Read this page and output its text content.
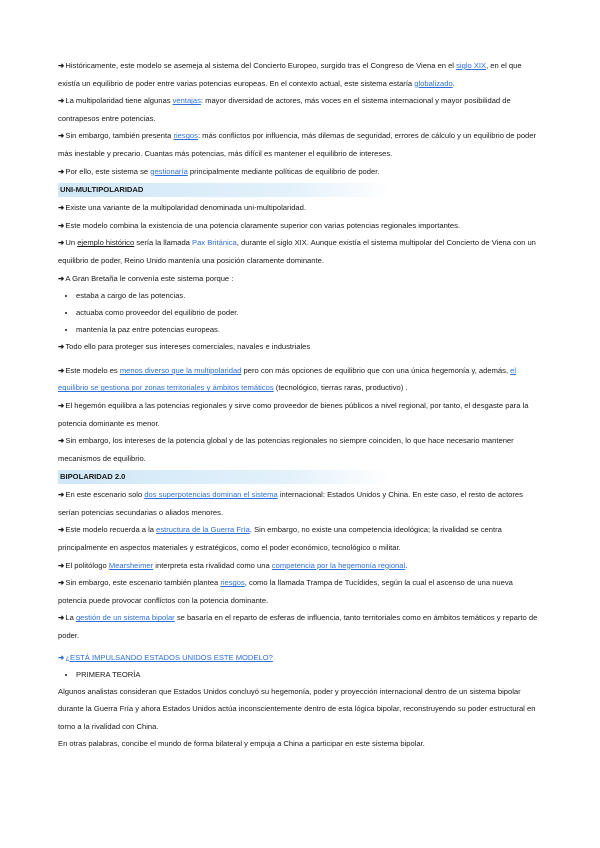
➜Históricamente, este modelo se asemeja al sistema del Concierto Europeo, surgido tras el Congreso de Viena en el siglo XIX, en el que existía un equilibrio de poder entre varias potencias europeas. En el contexto actual, este sistema estaría globalizado.

➜La multipolaridad tiene algunas ventajas: mayor diversidad de actores, más voces en el sistema internacional y mayor posibilidad de contrapesos entre potencias.

➜Sin embargo, también presenta riesgos: más conflictos por influencia, más dilemas de seguridad, errores de cálculo y un equilibrio de poder más inestable y precario. Cuantas más potencias, más difícil es mantener el equilibrio de intereses.

➜Por ello, este sistema se gestionaría principalmente mediante políticas de equilibrio de poder.

UNI-MULTIPOLARIDAD

➜Existe una variante de la multipolaridad denominada uni-multipolaridad.

➜Este modelo combina la existencia de una potencia claramente superior con varias potencias regionales importantes.

➜Un ejemplo histórico sería la llamada Pax Británica, durante el siglo XIX. Aunque existía el sistema multipolar del Concierto de Viena con un equilibrio de poder, Reino Unido mantenía una posición claramente dominante.

➜A Gran Bretaña le convenía este sistema porque :

• estaba a cargo de las potencias.
• actuaba como proveedor del equilibrio de poder.
• mantenía la paz entre potencias europeas.

➜Todo ello para proteger sus intereses comerciales, navales e industriales

➜Este modelo es menos diverso que la multipolaridad pero con más opciones de equilibrio que con una única hegemonía y, además, el equilibrio se gestiona por zonas territoriales y ámbitos temáticos (tecnológico, tierras raras, productivo) .

➜El hegemón equilibra a las potencias regionales y sirve como proveedor de bienes públicos a nivel regional, por tanto, el desgaste para la potencia dominante es menor.

➜Sin embargo, los intereses de la potencia global y de las potencias regionales no siempre coinciden, lo que hace necesario mantener mecanismos de equilibrio.

BIPOLARIDAD 2.0

➜En este escenario solo dos superpotencias dominan el sistema internacional: Estados Unidos y China. En este caso, el resto de actores serían potencias secundarias o aliados menores.

➜Este modelo recuerda a la estructura de la Guerra Fría. Sin embargo, no existe una competencia ideológica; la rivalidad se centra principalmente en aspectos materiales y estratégicos, como el poder económico, tecnológico o militar.

➜El politólogo Mearsheimer interpreta esta rivalidad como una competencia por la hegemonía regional.

➜Sin embargo, este escenario también plantea riesgos, como la llamada Trampa de Tucídides, según la cual el ascenso de una nueva potencia puede provocar conflictos con la potencia dominante.

➜La gestión de un sistema bipolar se basaría en el reparto de esferas de influencia, tanto territoriales como en ámbitos temáticos y reparto de poder.

➜¿ESTÁ IMPULSANDO ESTADOS UNIDOS ESTE MODELO?
• PRIMERA TEORÍA

Algunos analistas consideran que Estados Unidos concluyó su hegemonía, poder y proyección internacional dentro de un sistema bipolar durante la Guerra Fría y ahora Estados Unidos actúa inconscientemente dentro de esta lógica bipolar, reconstruyendo su poder estructural en torno a la rivalidad con China.

En otras palabras, concibe el mundo de forma bilateral y empuja a China a participar en este sistema bipolar.
